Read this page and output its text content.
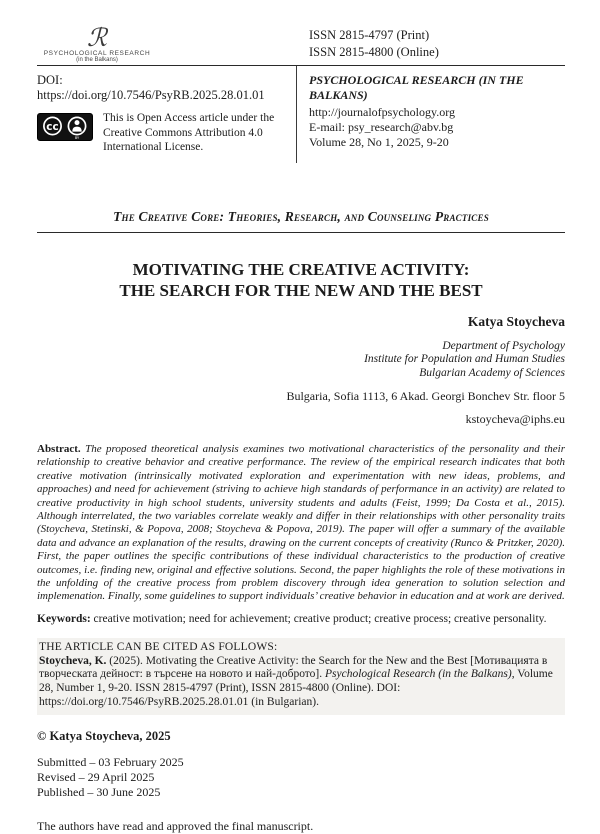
ℛ
PSYCHOLOGICAL RESEARCH
(in the Balkans)
ISSN 2815-4797 (Print)
ISSN 2815-4800 (Online)
DOI: https://doi.org/10.7546/PsyRB.2025.28.01.01
cc
BY
This is Open Access article under the
Creative Commons Attribution 4.0
International License.
PSYCHOLOGICAL RESEARCH (IN THE BALKANS)
http://journalofpsychology.org
E-mail: psy_research@abv.bg
Volume 28, No 1, 2025, 9-20
The Creative Core: Theories, Research, and Counseling Practices
MOTIVATING THE CREATIVE ACTIVITY:
THE SEARCH FOR THE NEW AND THE BEST
Katya Stoycheva
Department of Psychology
Institute for Population and Human Studies
Bulgarian Academy of Sciences
Bulgaria, Sofia 1113, 6 Akad. Georgi Bonchev Str. floor 5
kstoycheva@iphs.eu
Abstract. The proposed theoretical analysis examines two motivational characteristics of the personality and their relationship to creative behavior and creative performance. The review of the empirical research indicates that both creative motivation (intrinsically motivated exploration and experimentation with new ideas, problems, and approaches) and need for achievement (striving to achieve high standards of performance in an activity) are related to creative productivity in high school students, university students and adults (Feist, 1999; Da Costa et al., 2015). Although interrelated, the two variables correlate weakly and differ in their relationships with other personality traits (Stoycheva, Stetinski, & Popova, 2008; Stoycheva & Popova, 2019). The paper will offer a summary of the available data and advance an explanation of the results, drawing on the current concepts of creativity (Runco & Pritzker, 2020). First, the paper outlines the specific contributions of these individual characteristics to the production of creative outcomes, i.e. finding new, original and effective solutions. Second, the paper highlights the role of these motivations in the unfolding of the creative process from problem discovery through idea generation to solution selection and implemenation. Finally, some guidelines to support individuals’ creative behavior in education and at work are derived.
Keywords: creative motivation; need for achievement; creative product; creative process; creative personality.
THE ARTICLE CAN BE CITED AS FOLLOWS:
Stoycheva, K. (2025). Motivating the Creative Activity: the Search for the New and the Best [Мотивацията в творческата дейност: в търсене на новото и най-доброто]. Psychological Research (in the Balkans), Volume 28, Number 1, 9-20. ISSN 2815-4797 (Print), ISSN 2815-4800 (Online). DOI: https://doi.org/10.7546/PsyRB.2025.28.01.01 (in Bulgarian).
© Katya Stoycheva, 2025
Submitted – 03 February 2025
Revised – 29 April 2025
Published – 30 June 2025
The authors have read and approved the final manuscript.
